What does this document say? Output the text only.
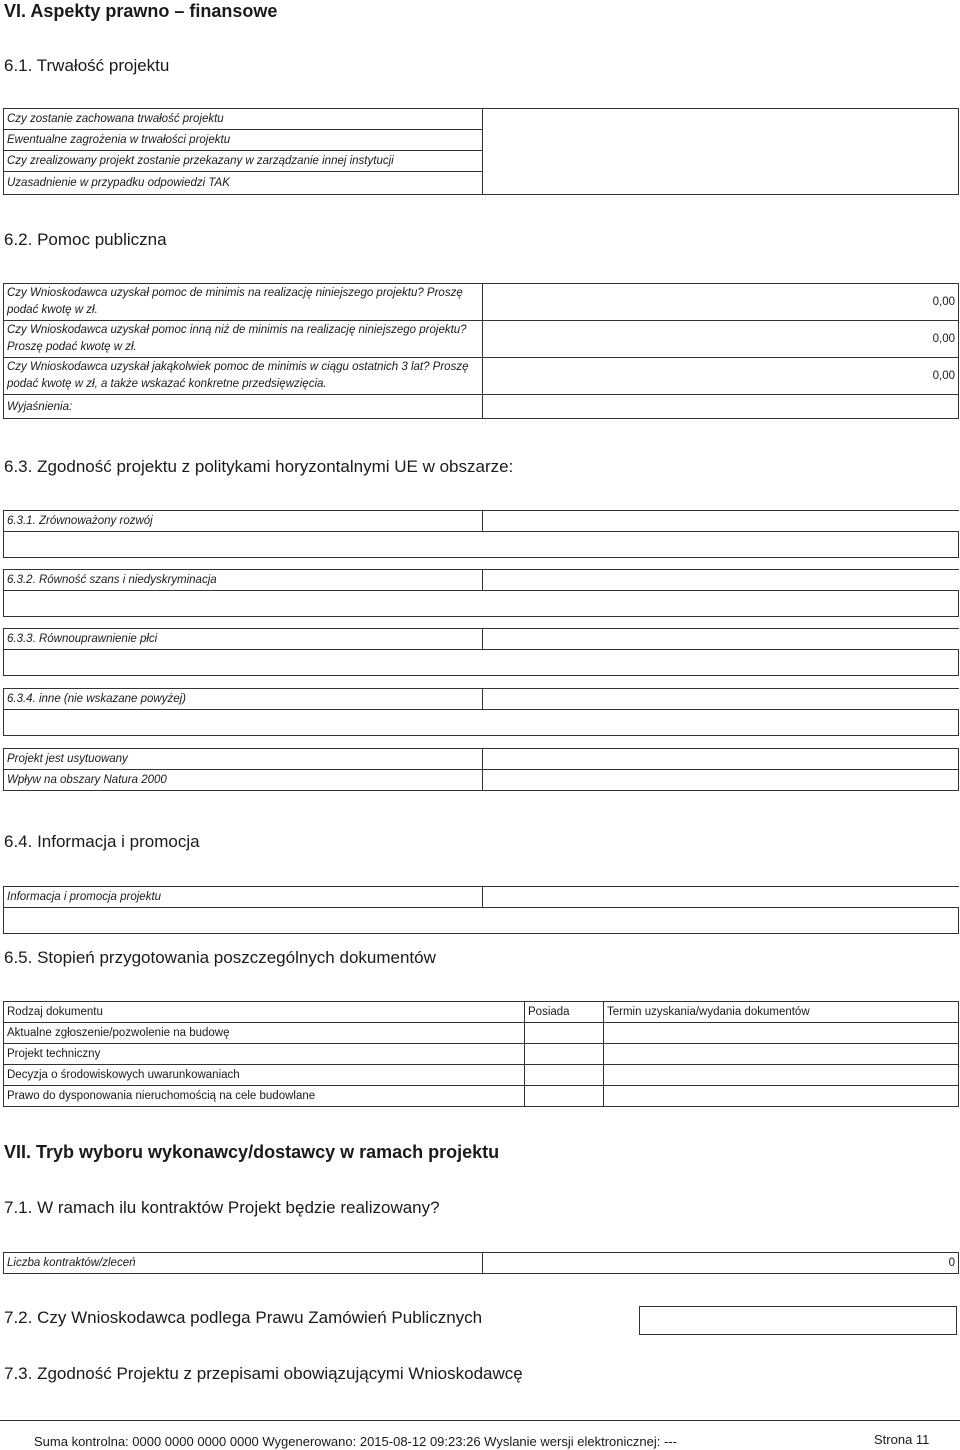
VI. Aspekty prawno – finansowe
6.1. Trwałość projektu
Czy zostanie zachowana trwałość projektu	
Ewentualne zagrożenia w trwałości projektu
Czy zrealizowany projekt zostanie przekazany w zarządzanie innej instytucji
Uzasadnienie w przypadku odpowiedzi TAK
6.2. Pomoc publiczna
Czy Wnioskodawca uzyskał pomoc de minimis na realizację niniejszego projektu? Proszę podać kwotę w zł.	0,00
Czy Wnioskodawca uzyskał pomoc inną niż de minimis na realizację niniejszego projektu? Proszę podać kwotę w zł.	0,00
Czy Wnioskodawca uzyskał jakąkolwiek pomoc de minimis w ciągu ostatnich 3 lat? Proszę podać kwotę w zł, a także wskazać konkretne przedsięwzięcia.	0,00
Wyjaśnienia:	
6.3. Zgodność projektu z politykami horyzontalnymi UE w obszarze:
6.3.1. Zrównoważony rozwój	

6.3.2. Równość szans i niedyskryminacja	

6.3.3. Równouprawnienie płci	

6.3.4. inne (nie wskazane powyżej)	

Projekt jest usytuowany	
Wpływ na obszary Natura 2000	
6.4. Informacja i promocja
Informacja i promocja projektu	

6.5. Stopień przygotowania poszczególnych dokumentów
Rodzaj dokumentu	Posiada	Termin uzyskania/wydania dokumentów
Aktualne zgłoszenie/pozwolenie na budowę		
Projekt techniczny		
Decyzja o środowiskowych uwarunkowaniach		
Prawo do dysponowania nieruchomością na cele budowlane		
VII. Tryb wyboru wykonawcy/dostawcy w ramach projektu
7.1. W ramach ilu kontraktów Projekt będzie realizowany?
Liczba kontraktów/zleceń	0
7.2. Czy Wnioskodawca podlega Prawu Zamówień Publicznych
7.3. Zgodność Projektu z przepisami obowiązującymi Wnioskodawcę
Suma kontrolna: 0000 0000 0000 0000 Wygenerowano: 2015-08-12 09:23:26 Wyslanie wersji elektronicznej: ---	Strona 11
